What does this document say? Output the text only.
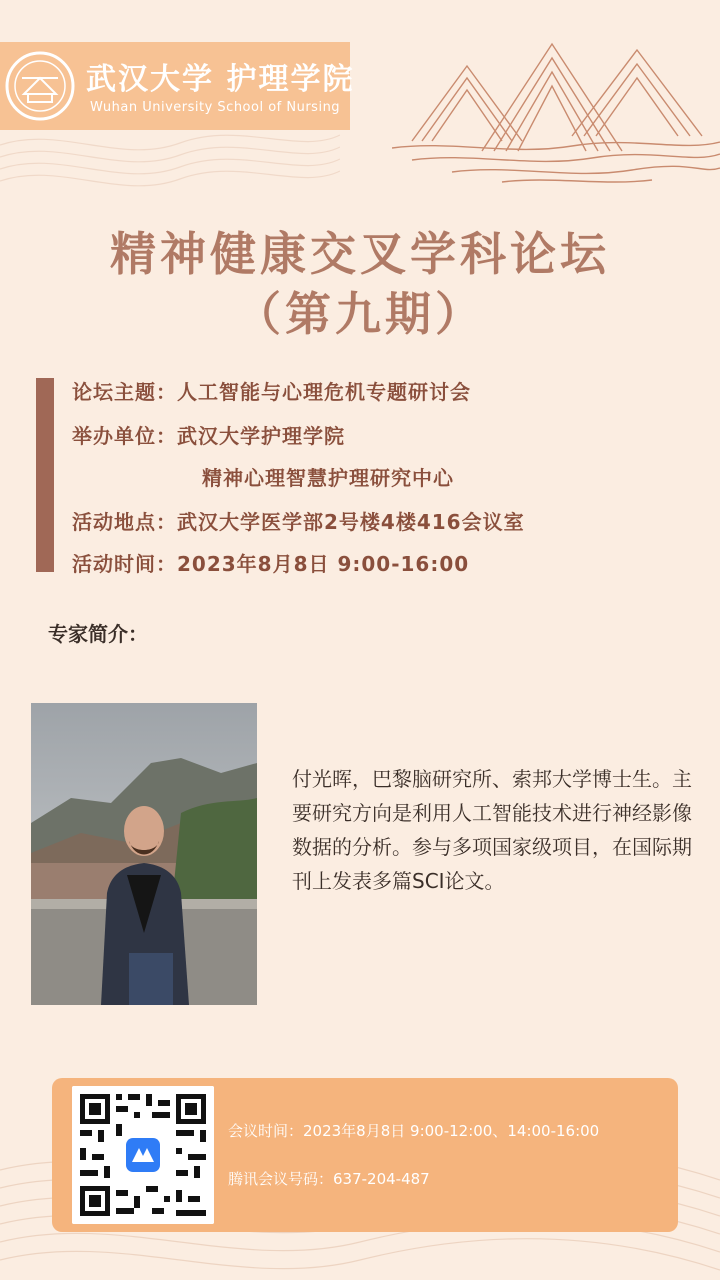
武汉大学 护理学院
Wuhan University School of Nursing
精神健康交叉学科论坛
（第九期）
论坛主题：人工智能与心理危机专题研讨会
举办单位：武汉大学护理学院
精神心理智慧护理研究中心
活动地点：武汉大学医学部2号楼4楼416会议室
活动时间：2023年8月8日 9:00-16:00
专家简介：
付光晖，巴黎脑研究所、索邦大学博士生。主要研究方向是利用人工智能技术进行神经影像数据的分析。参与多项国家级项目，在国际期刊上发表多篇SCI论文。
会议时间：2023年8月8日 9:00-12:00、14:00-16:00
腾讯会议号码：637-204-487
